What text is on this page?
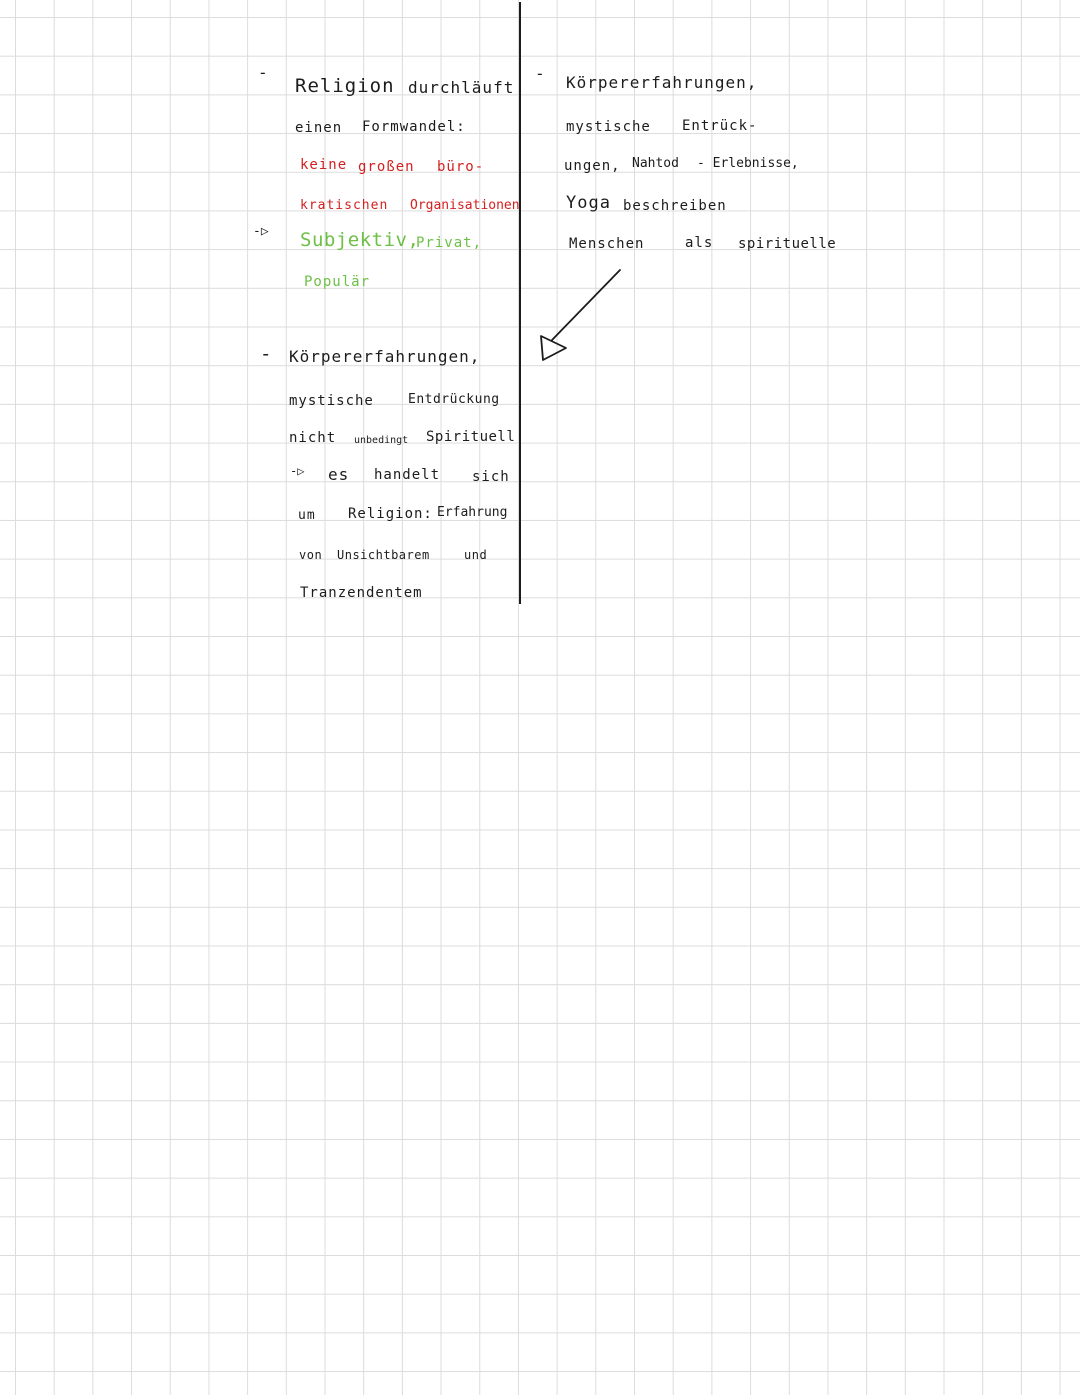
-
Religion durchläuft
einen Formwandel:
keine großen büro-
kratischen Organisationen
-▷ Subjektiv,
Privat,
Populär
- Körpererfahrungen,
mystische	Entdrückung
nicht unbedingt Spirituell
-▷ es handelt sich
um Religion: Erfahrung
von Unsichtbarem	und
Tranzendentem
- Körpererfahrungen,
mystische Entrück-
ungen, Nahtod - Erlebnisse,
Yoga beschreiben
Menschen	als spirituelle
